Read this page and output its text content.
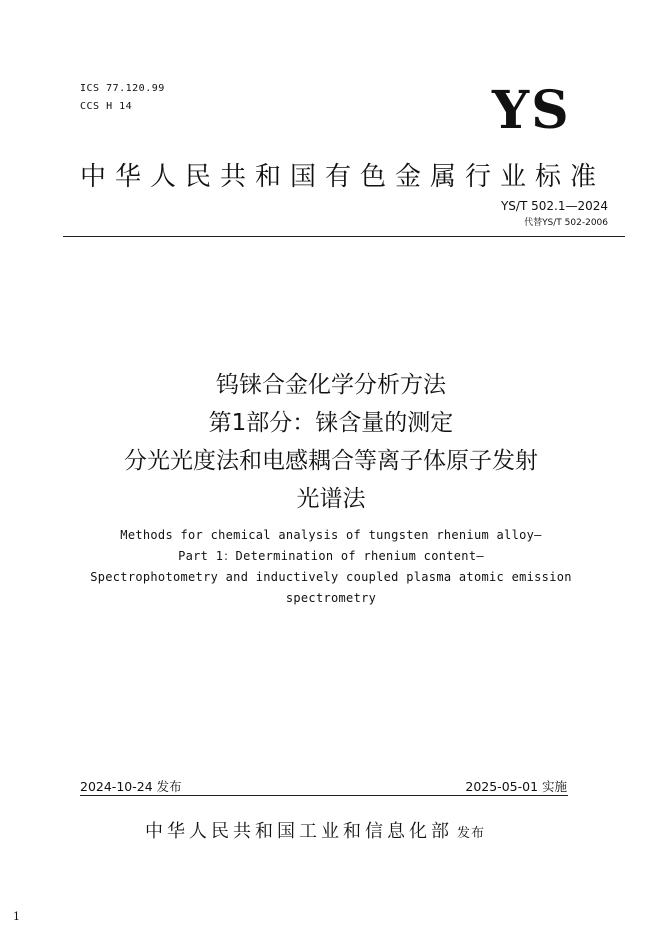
ICS 77.120.99
CCS H 14	YS
中华人民共和国有色金属行业标准
YS/T 502.1—2024
代替YS/T 502-2006
钨铼合金化学分析方法
第1部分：铼含量的测定
分光光度法和电感耦合等离子体原子发射
光谱法
Methods for chemical analysis of tungsten rhenium alloy—
Part 1：Determination of rhenium content—
Spectrophotometry and inductively coupled plasma atomic emission
spectrometry
2024-10-24 发布	2025-05-01 实施
中华人民共和国工业和信息化部 发布
1
